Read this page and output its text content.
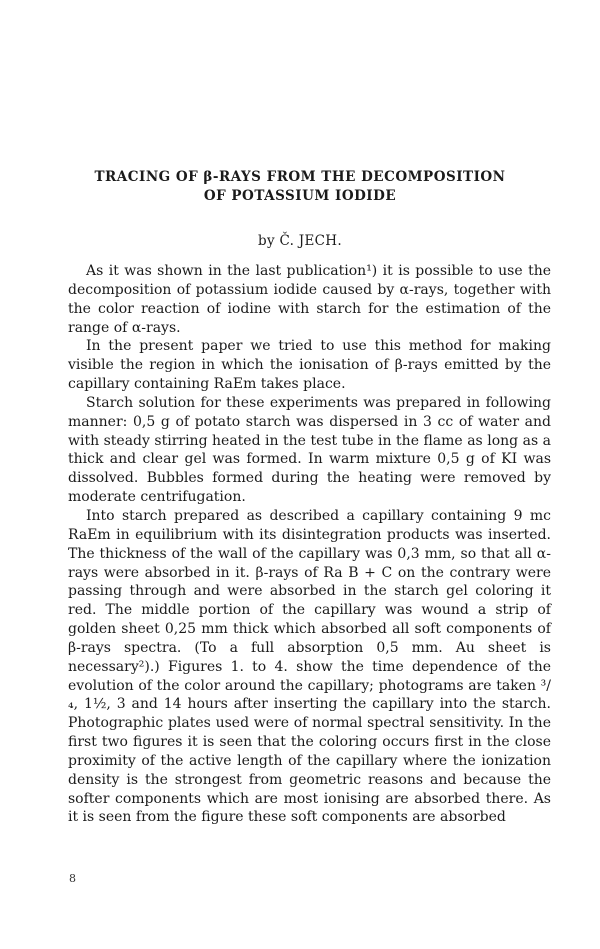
TRACING OF β-RAYS FROM THE DECOMPOSITION
OF POTASSIUM IODIDE
by Č. JECH.

As it was shown in the last publication¹) it is possible to use the decomposition of potassium iodide caused by α-rays, together with the color reaction of iodine with starch for the estimation of the range of α-rays.

In the present paper we tried to use this method for making visible the region in which the ionisation of β-rays emitted by the capillary containing RaEm takes place.

Starch solution for these experiments was prepared in following manner: 0,5 g of potato starch was dispersed in 3 cc of water and with steady stirring heated in the test tube in the flame as long as a thick and clear gel was formed. In warm mixture 0,5 g of KI was dissolved. Bubbles formed during the heating were removed by moderate centrifugation.

Into starch prepared as described a capillary containing 9 mc RaEm in equilibrium with its disintegration products was inserted. The thickness of the wall of the capillary was 0,3 mm, so that all α-rays were absorbed in it. β-rays of Ra B + C on the contrary were passing through and were absorbed in the starch gel coloring it red. The middle portion of the capillary was wound a strip of golden sheet 0,25 mm thick which absorbed all soft components of β-rays spectra. (To a full absorption 0,5 mm. Au sheet is necessary²).) Figures 1. to 4. show the time dependence of the evolution of the color around the capillary; photograms are taken ³/₄, 1½, 3 and 14 hours after inserting the capillary into the starch. Photographic plates used were of normal spectral sensitivity. In the first two figures it is seen that the coloring occurs first in the close proximity of the active length of the capillary where the ionization density is the strongest from geometric reasons and because the softer components which are most ionising are absorbed there. As it is seen from the figure these soft components are absorbed

8
